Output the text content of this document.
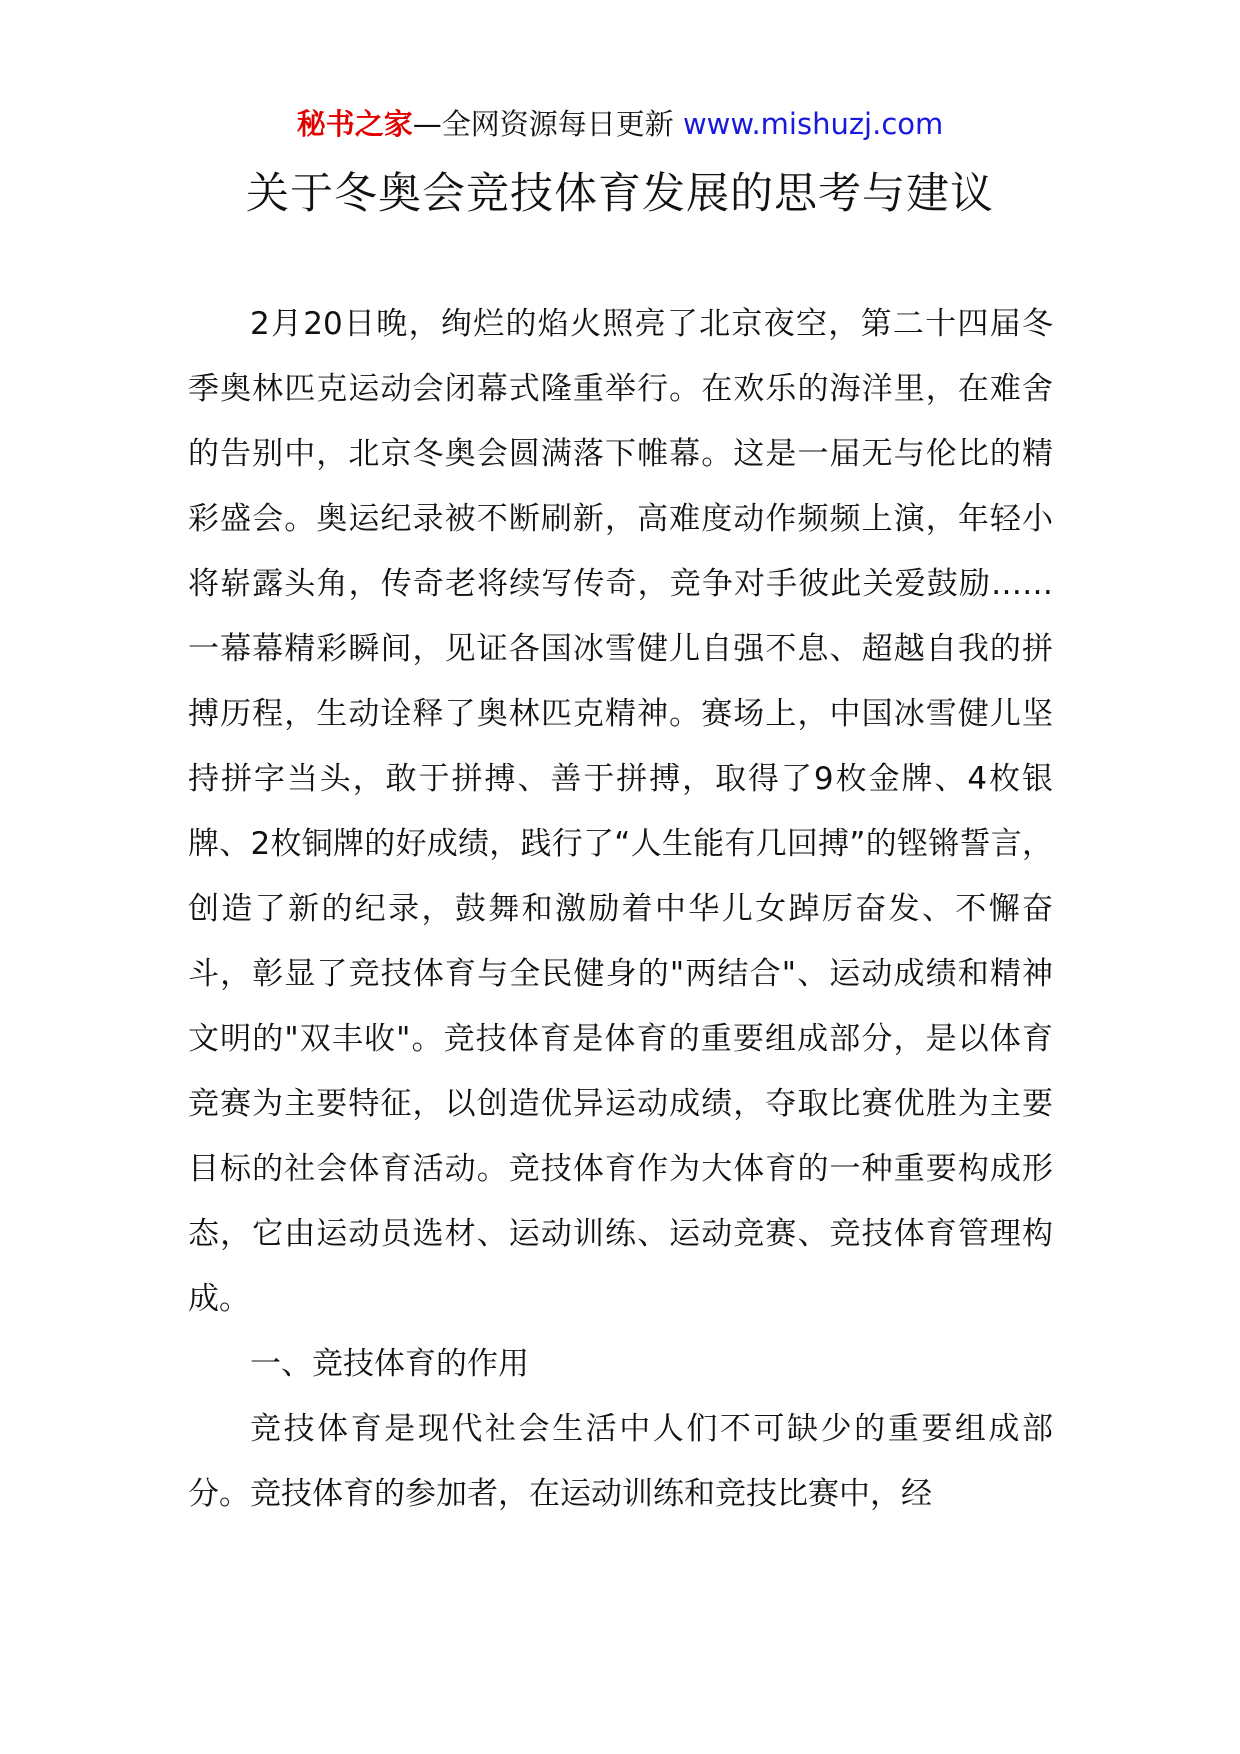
秘书之家—全网资源每日更新 www.mishuzj.com
关于冬奥会竞技体育发展的思考与建议

2月20日晚，绚烂的焰火照亮了北京夜空，第二十四届冬季奥林匹克运动会闭幕式隆重举行。在欢乐的海洋里，在难舍的告别中，北京冬奥会圆满落下帷幕。这是一届无与伦比的精彩盛会。奥运纪录被不断刷新，高难度动作频频上演，年轻小将崭露头角，传奇老将续写传奇，竞争对手彼此关爱鼓励……一幕幕精彩瞬间，见证各国冰雪健儿自强不息、超越自我的拼搏历程，生动诠释了奥林匹克精神。赛场上，中国冰雪健儿坚持拼字当头，敢于拼搏、善于拼搏，取得了9枚金牌、4枚银牌、2枚铜牌的好成绩，践行了“人生能有几回搏”的铿锵誓言，创造了新的纪录，鼓舞和激励着中华儿女踔厉奋发、不懈奋斗，彰显了竞技体育与全民健身的"两结合"、运动成绩和精神文明的"双丰收"。竞技体育是体育的重要组成部分，是以体育竞赛为主要特征，以创造优异运动成绩，夺取比赛优胜为主要目标的社会体育活动。竞技体育作为大体育的一种重要构成形态，它由运动员选材、运动训练、运动竞赛、竞技体育管理构成。

一、竞技体育的作用

竞技体育是现代社会生活中人们不可缺少的重要组成部分。竞技体育的参加者，在运动训练和竞技比赛中，经
